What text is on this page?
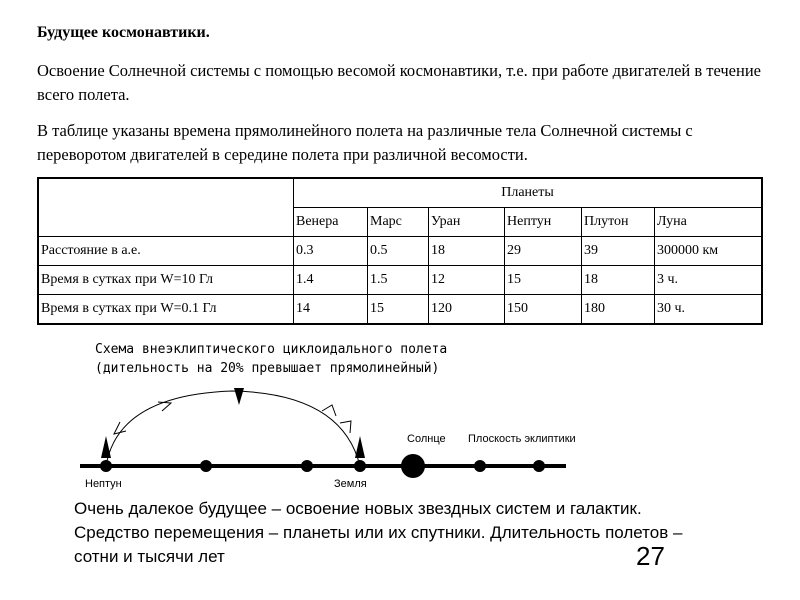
Будущее космонавтики.
Освоение Солнечной системы с помощью весомой космонавтики, т.е. при работе двигателей в течение всего полета.
В таблице указаны времена прямолинейного полета на различные тела Солнечной системы с переворотом двигателей в середине полета при различной весомости.
	Планеты					
	Венера	Марс	Уран	Нептун	Плутон	Луна
Расстояние в а.е.	0.3	0.5	18	29	39	300000 км
Время в сутках при W=10 Гл	1.4	1.5	12	15	18	3 ч.
Время в сутках при W=0.1 Гл	14	15	120	150	180	30 ч.
Схема внеэклиптического циклоидального полета
(дительность на 20% превышает прямолинейный)
Нептун	Земля
Солнце Плоскость эклиптики
Очень далекое будущее – освоение новых звездных систем и галактик. Средство перемещения – планеты или их спутники. Длительность полетов – сотни и тысячи лет	27
